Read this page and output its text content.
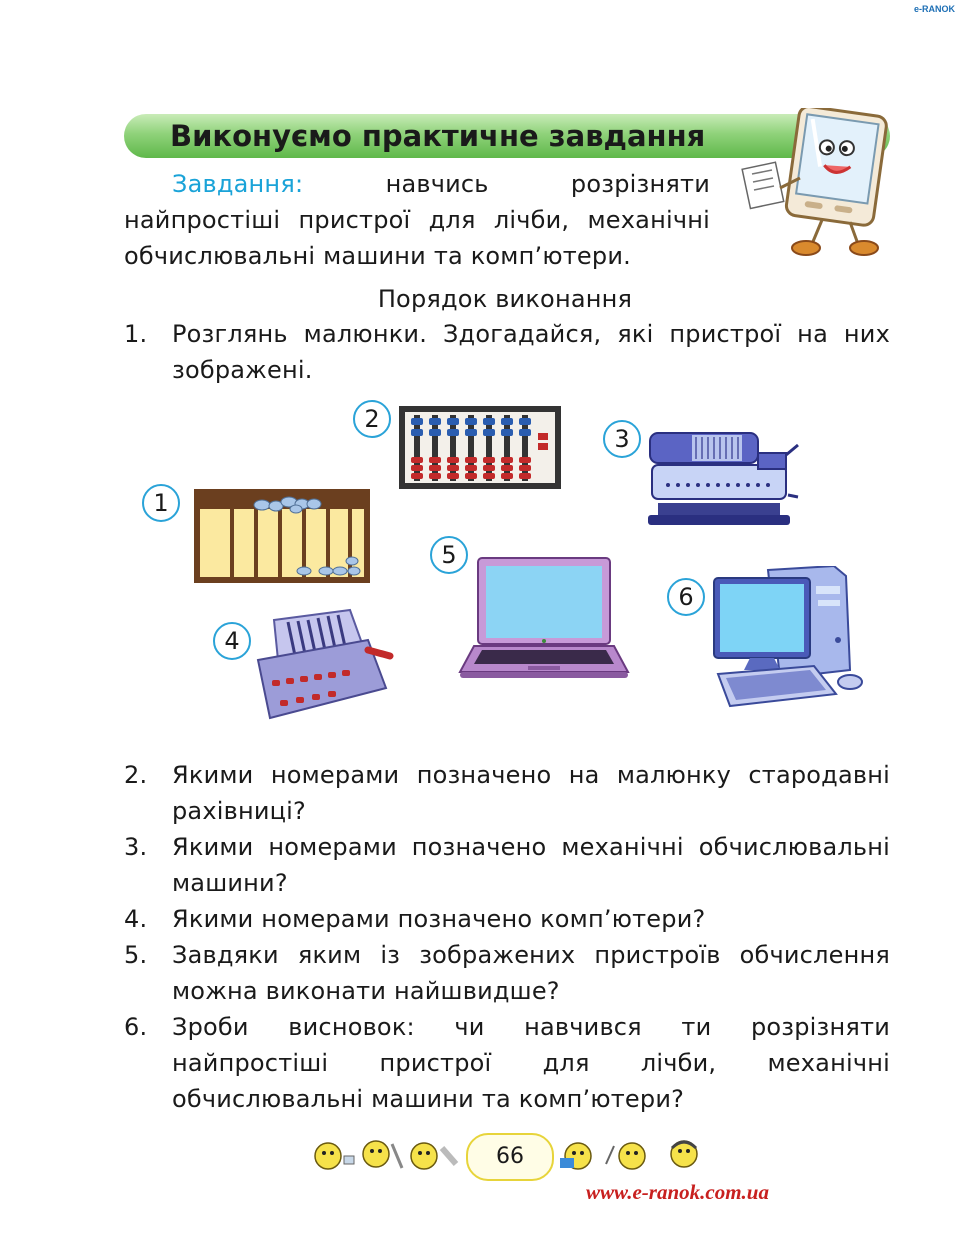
e-RANOK
Виконуємо практичне завдання

Завдання: навчись розрізняти найпростіші пристрої для лічби, механічні обчислювальні машини та комп’ютери.

Порядок виконання
1. Розглянь малюнки. Здогадайся, які пристрої на них зображені.
1
2
3
4
5
6
2. Якими номерами позначено на малюнку стародавні рахівниці?
3. Якими номерами позначено механічні обчислювальні машини?
4. Якими номерами позначено комп’ютери?
5. Завдяки яким із зображених пристроїв обчислення можна виконати найшвидше?
6. Зроби висновок: чи навчився ти розрізняти найпростіші пристрої для лічби, механічні обчислювальні машини та комп’ютери?
66
www.e-ranok.com.ua
